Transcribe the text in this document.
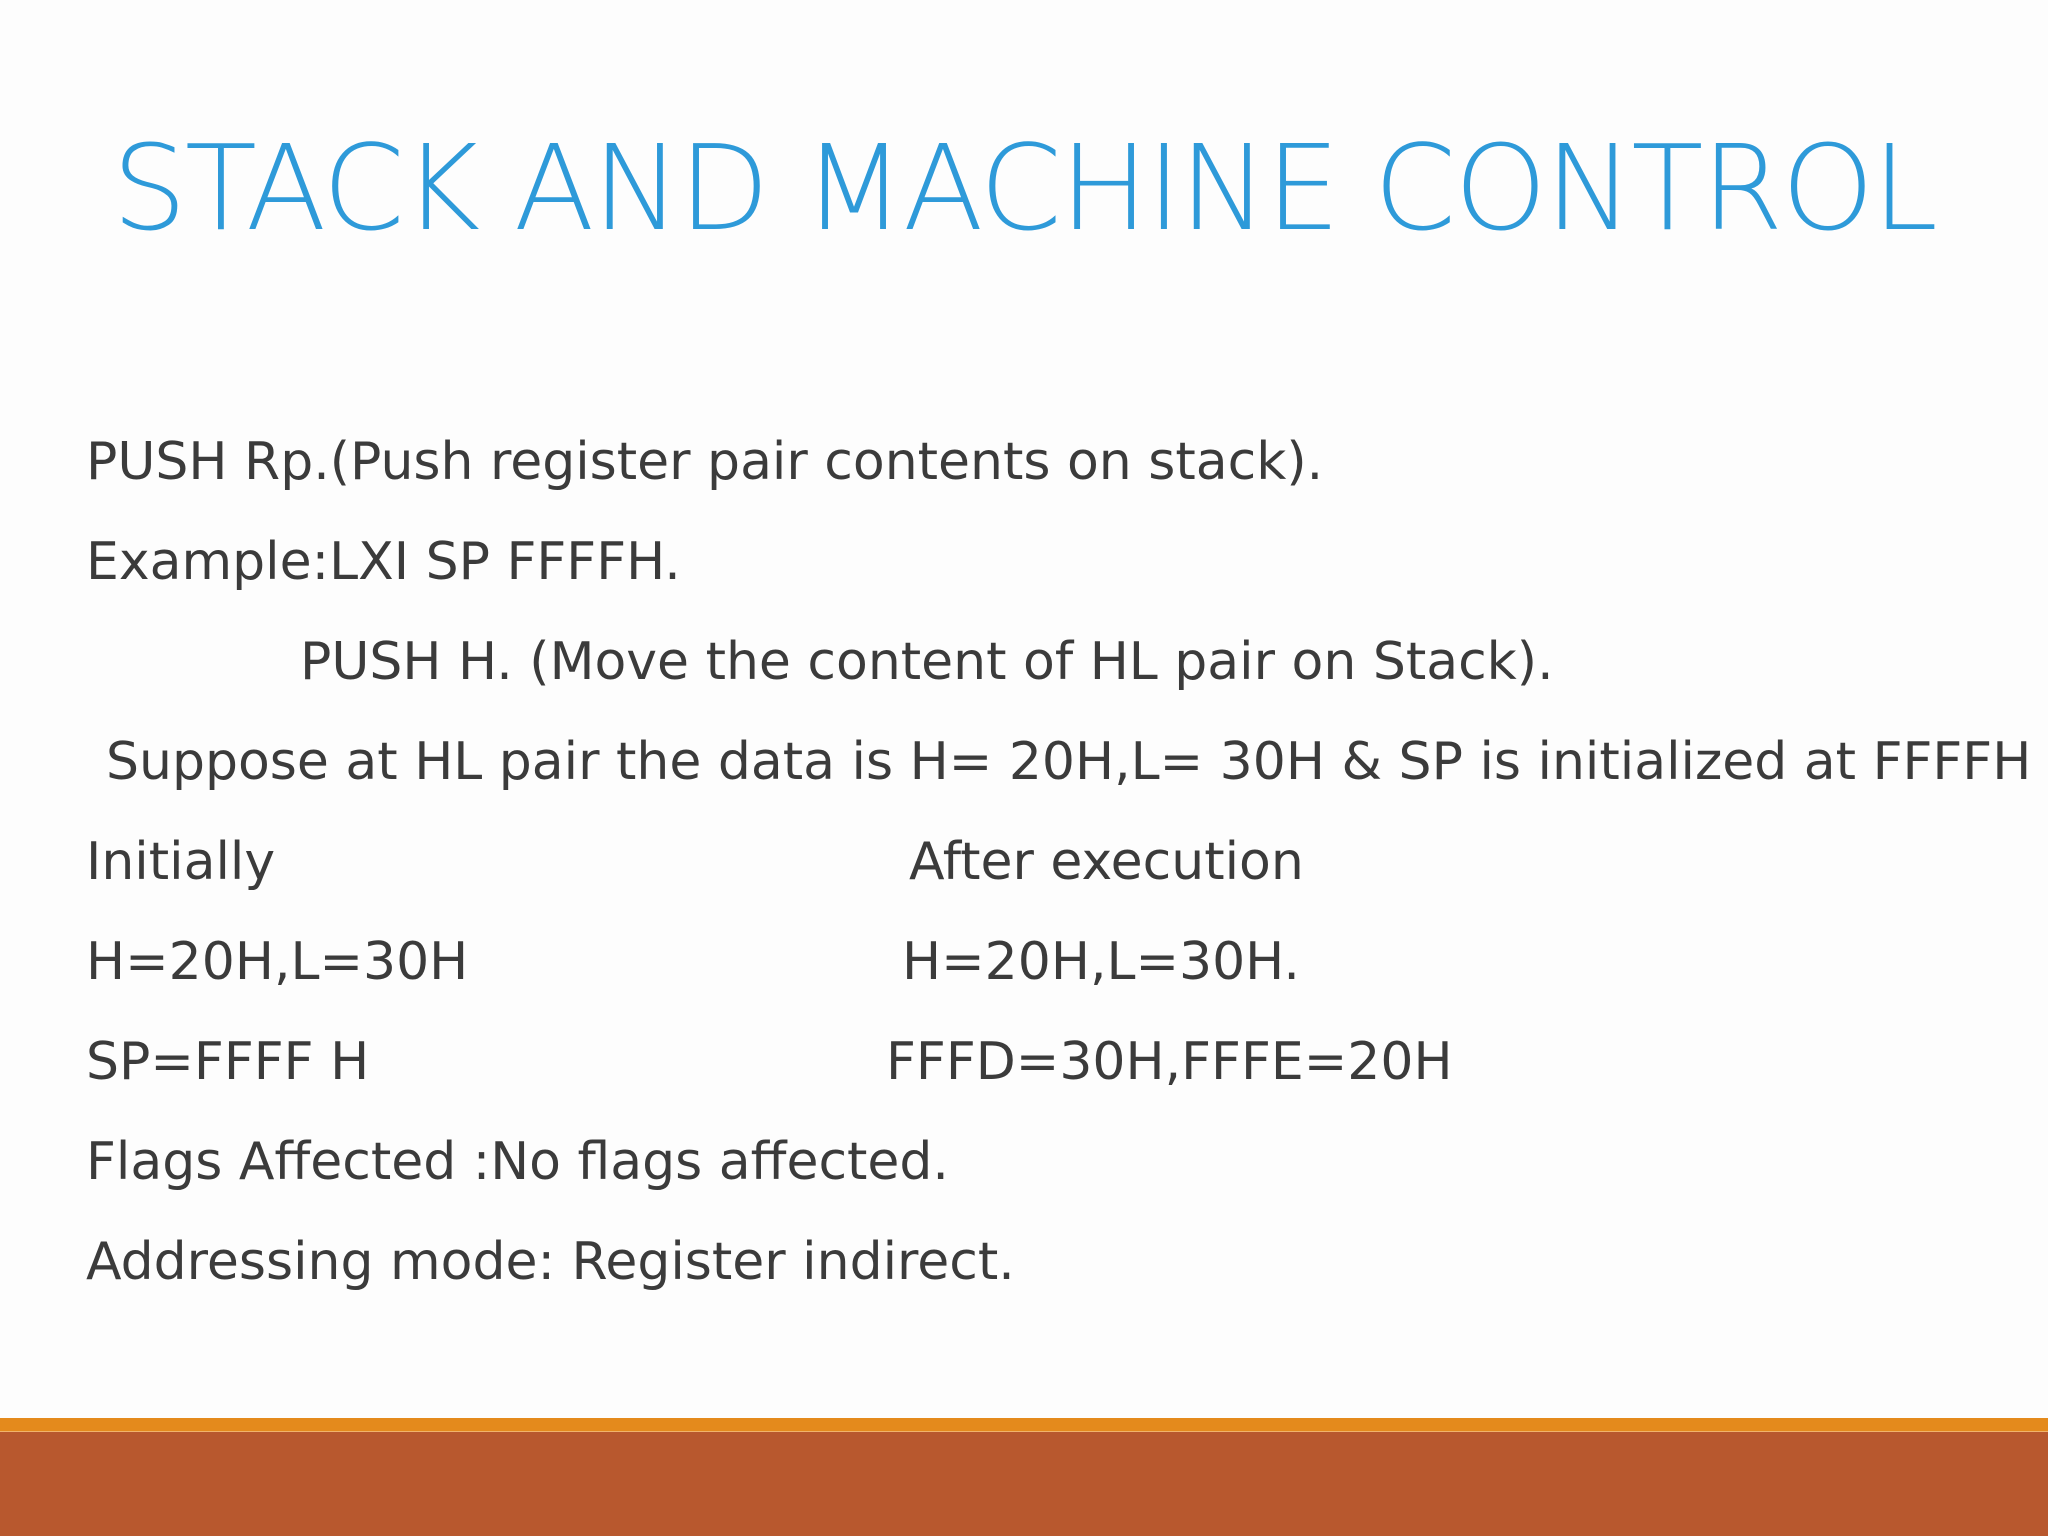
STACK AND MACHINE CONTROL
PUSH Rp.(Push register pair contents on stack).
Example:LXI SP FFFFH.
PUSH H. (Move the content of HL pair on Stack).
Suppose at HL pair the data is H= 20H,L= 30H & SP is initialized at FFFFH
Initially	After execution
H=20H,L=30H	H=20H,L=30H.
SP=FFFF H	FFFD=30H,FFFE=20H
Flags Affected :No flags affected.
Addressing mode: Register indirect.
